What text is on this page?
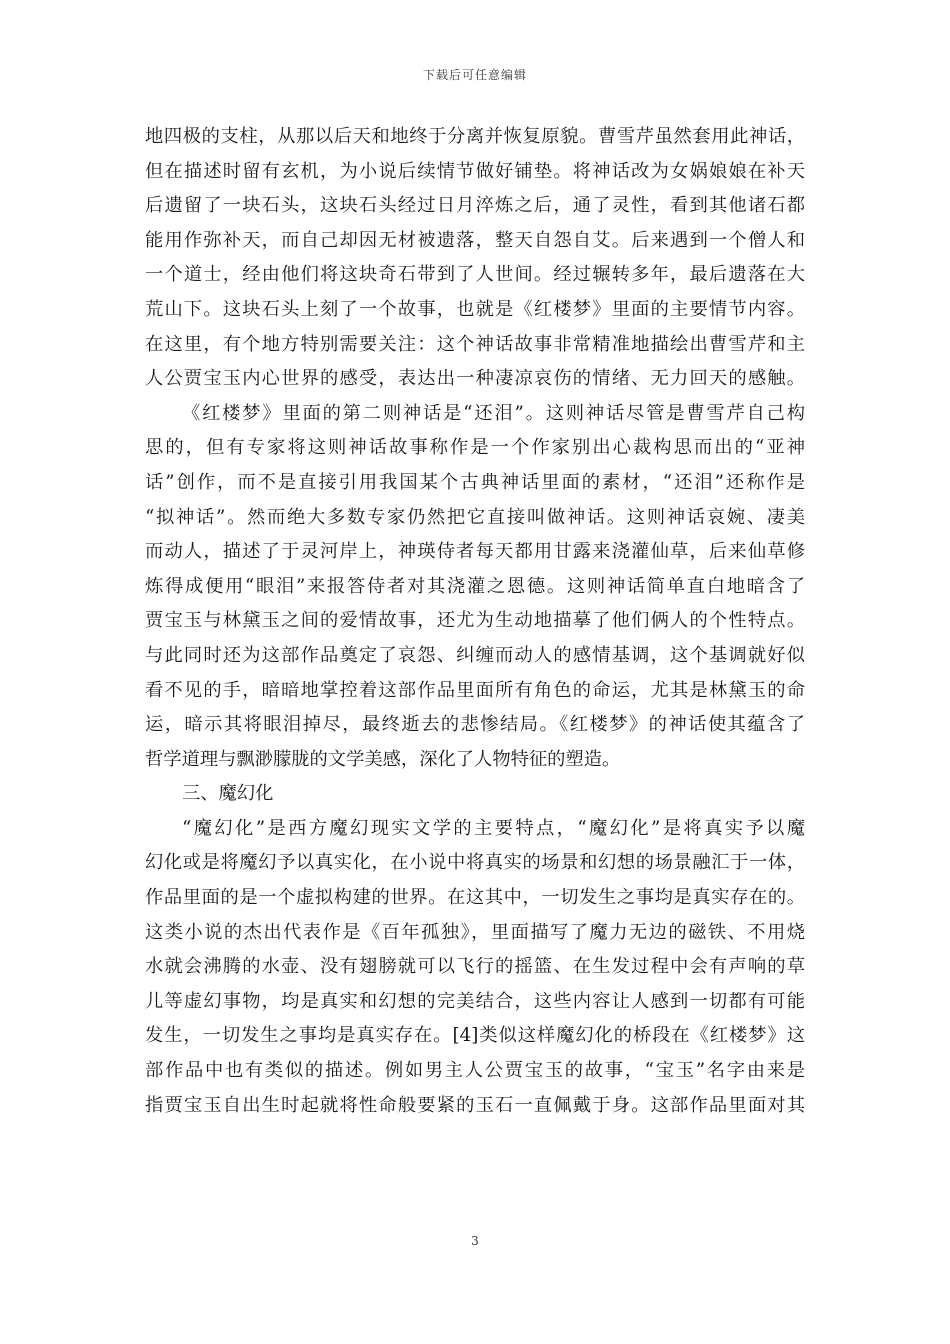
下载后可任意编辑
地四极的支柱，从那以后天和地终于分离并恢复原貌。曹雪芹虽然套用此神话，
但在描述时留有玄机，为小说后续情节做好铺垫。将神话改为女娲娘娘在补天
后遗留了一块石头，这块石头经过日月淬炼之后，通了灵性，看到其他诸石都
能用作弥补天，而自己却因无材被遗落，整天自怨自艾。后来遇到一个僧人和
一个道士，经由他们将这块奇石带到了人世间。经过辗转多年，最后遗落在大
荒山下。这块石头上刻了一个故事，也就是《红楼梦》里面的主要情节内容。
在这里，有个地方特别需要关注：这个神话故事非常精准地描绘出曹雪芹和主
人公贾宝玉内心世界的感受，表达出一种凄凉哀伤的情绪、无力回天的感触。
《红楼梦》里面的第二则神话是“还泪”。这则神话尽管是曹雪芹自己构
思的，但有专家将这则神话故事称作是一个作家别出心裁构思而出的“亚神
话”创作，而不是直接引用我国某个古典神话里面的素材，“还泪”还称作是
“拟神话”。然而绝大多数专家仍然把它直接叫做神话。这则神话哀婉、凄美
而动人，描述了于灵河岸上，神瑛侍者每天都用甘露来浇灌仙草，后来仙草修
炼得成便用“眼泪”来报答侍者对其浇灌之恩德。这则神话简单直白地暗含了
贾宝玉与林黛玉之间的爱情故事，还尤为生动地描摹了他们俩人的个性特点。
与此同时还为这部作品奠定了哀怨、纠缠而动人的感情基调，这个基调就好似
看不见的手，暗暗地掌控着这部作品里面所有角色的命运，尤其是林黛玉的命
运，暗示其将眼泪掉尽，最终逝去的悲惨结局。《红楼梦》的神话使其蕴含了
哲学道理与飘渺朦胧的文学美感，深化了人物特征的塑造。
三、魔幻化
“魔幻化”是西方魔幻现实文学的主要特点，“魔幻化”是将真实予以魔
幻化或是将魔幻予以真实化，在小说中将真实的场景和幻想的场景融汇于一体，
作品里面的是一个虚拟构建的世界。在这其中，一切发生之事均是真实存在的。
这类小说的杰出代表作是《百年孤独》，里面描写了魔力无边的磁铁、不用烧
水就会沸腾的水壶、没有翅膀就可以飞行的摇篮、在生发过程中会有声响的草
儿等虚幻事物，均是真实和幻想的完美结合，这些内容让人感到一切都有可能
发生，一切发生之事均是真实存在。[4]类似这样魔幻化的桥段在《红楼梦》这
部作品中也有类似的描述。例如男主人公贾宝玉的故事，“宝玉”名字由来是
指贾宝玉自出生时起就将性命般要紧的玉石一直佩戴于身。这部作品里面对其
3
